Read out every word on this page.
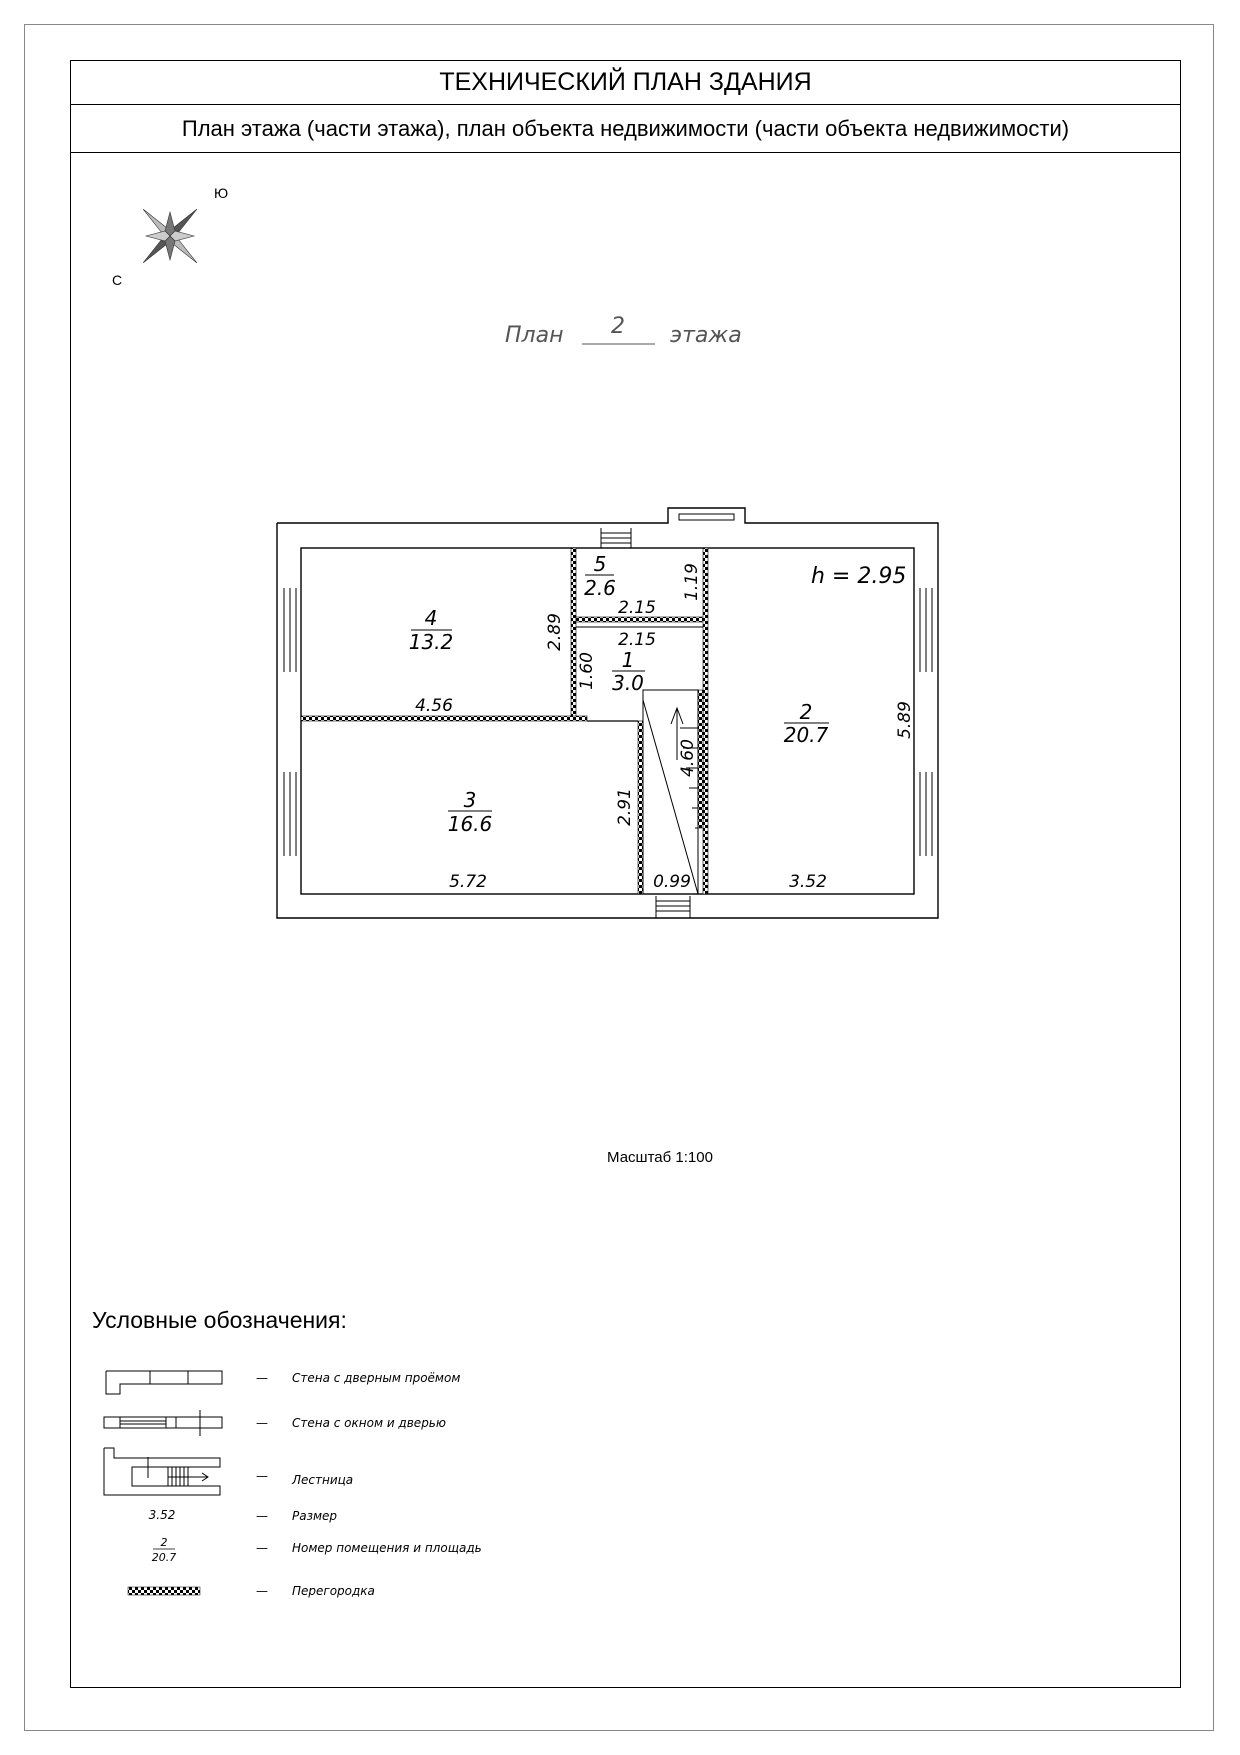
ТЕХНИЧЕСКИЙ ПЛАН ЗДАНИЯ
План этажа (части этажа), план объекта недвижимости (части объекта недвижимости)
Ю
С
План 2 этажа
4
13.2
5
2.6
1
3.0
2
20.7
3
16.6
h = 2.95
4.56
2.89
2.15
1.19
2.15
1.60
4.60
5.72
2.91
0.99	3.52
5.89
3.52
2
20.7
— Стена с дверным проёмом
— Стена с окном и дверью
— Лестница
— Размер
— Номер помещения и площадь
— Перегородка
Масштаб 1:100
Условные обозначения:
